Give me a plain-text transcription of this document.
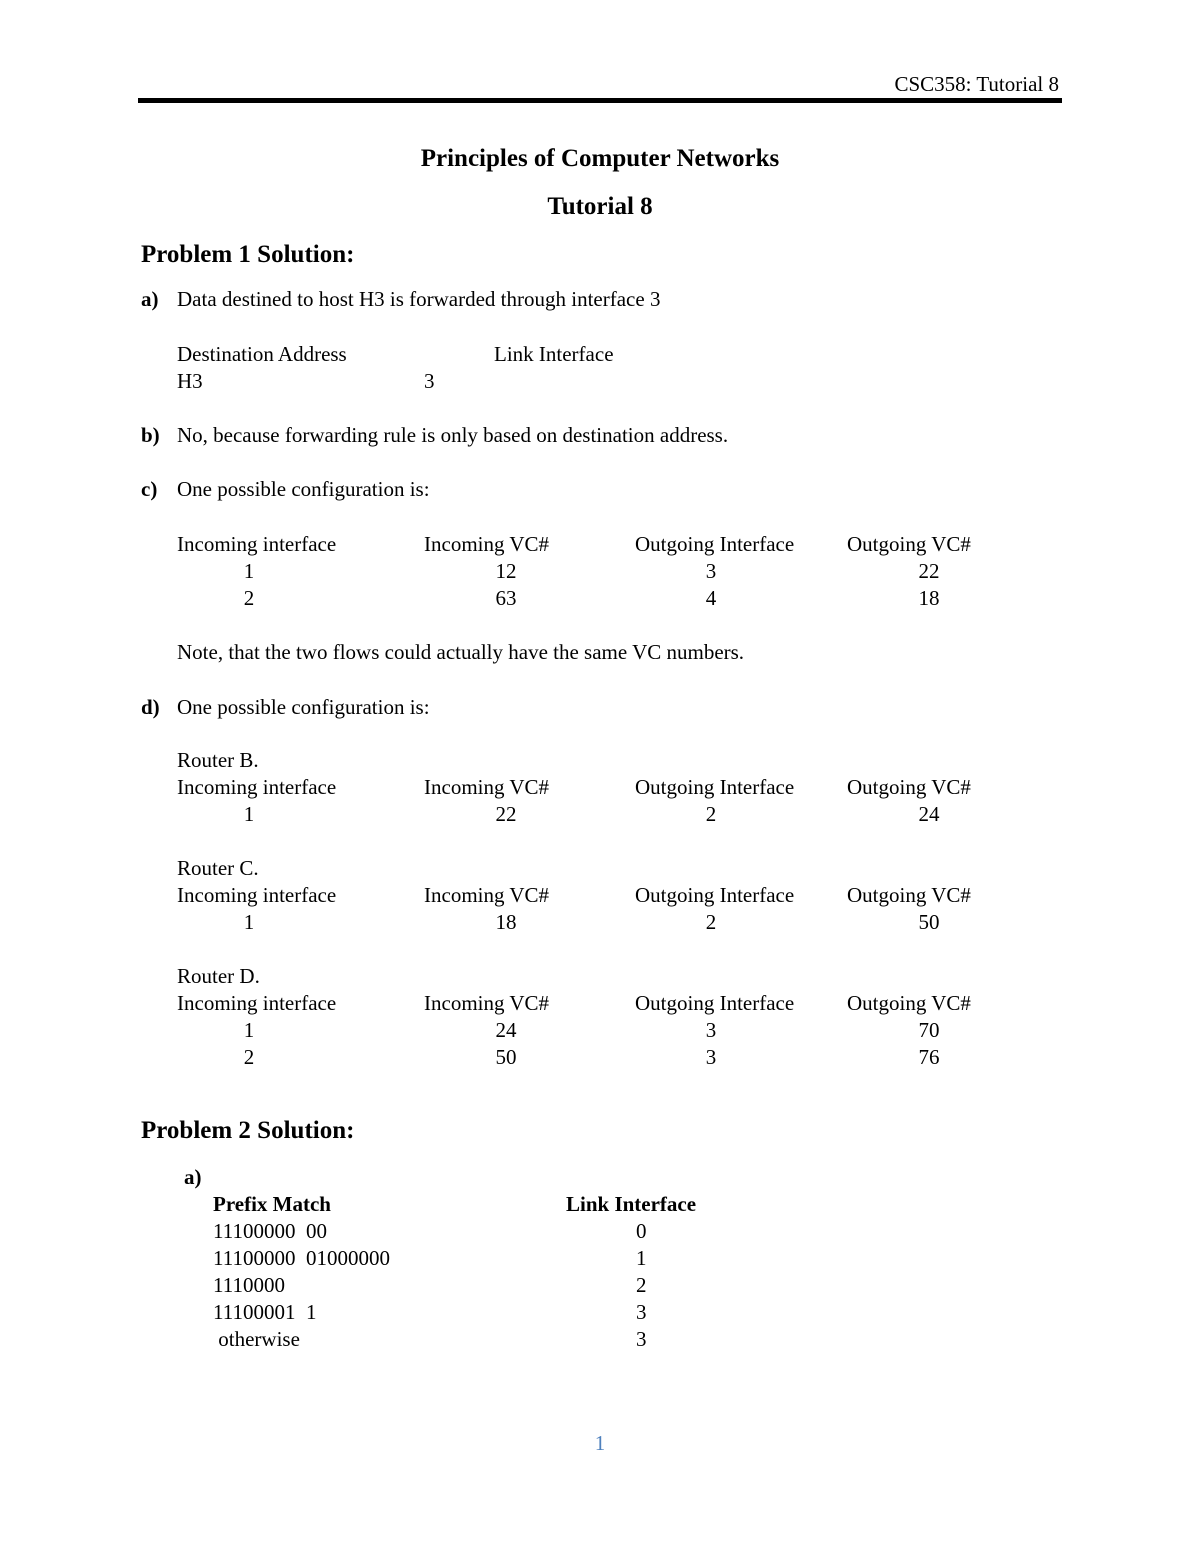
CSC358: Tutorial 8
Principles of Computer Networks
Tutorial 8
Problem 1 Solution:
a) Data destined to host H3 is forwarded through interface 3
Destination Address	Link Interface
H3	3
b) No, because forwarding rule is only based on destination address.
c) One possible configuration is:
Incoming interface	Incoming VC#	Outgoing Interface	Outgoing VC#
1	12	3	22
2	63	4	18
Note, that the two flows could actually have the same VC numbers.
d) One possible configuration is:
Router B.
Incoming interface	Incoming VC#	Outgoing Interface	Outgoing VC#
1	22	2	24
Router C.
Incoming interface	Incoming VC#	Outgoing Interface	Outgoing VC#
1	18	2	50
Router D.
Incoming interface	Incoming VC#	Outgoing Interface	Outgoing VC#
1	24	3	70
2	50	3	76
Problem 2 Solution:
a)
Prefix Match	Link Interface
11100000  00	0
11100000  01000000	1
1110000	2
11100001  1	3
otherwise	3
1
